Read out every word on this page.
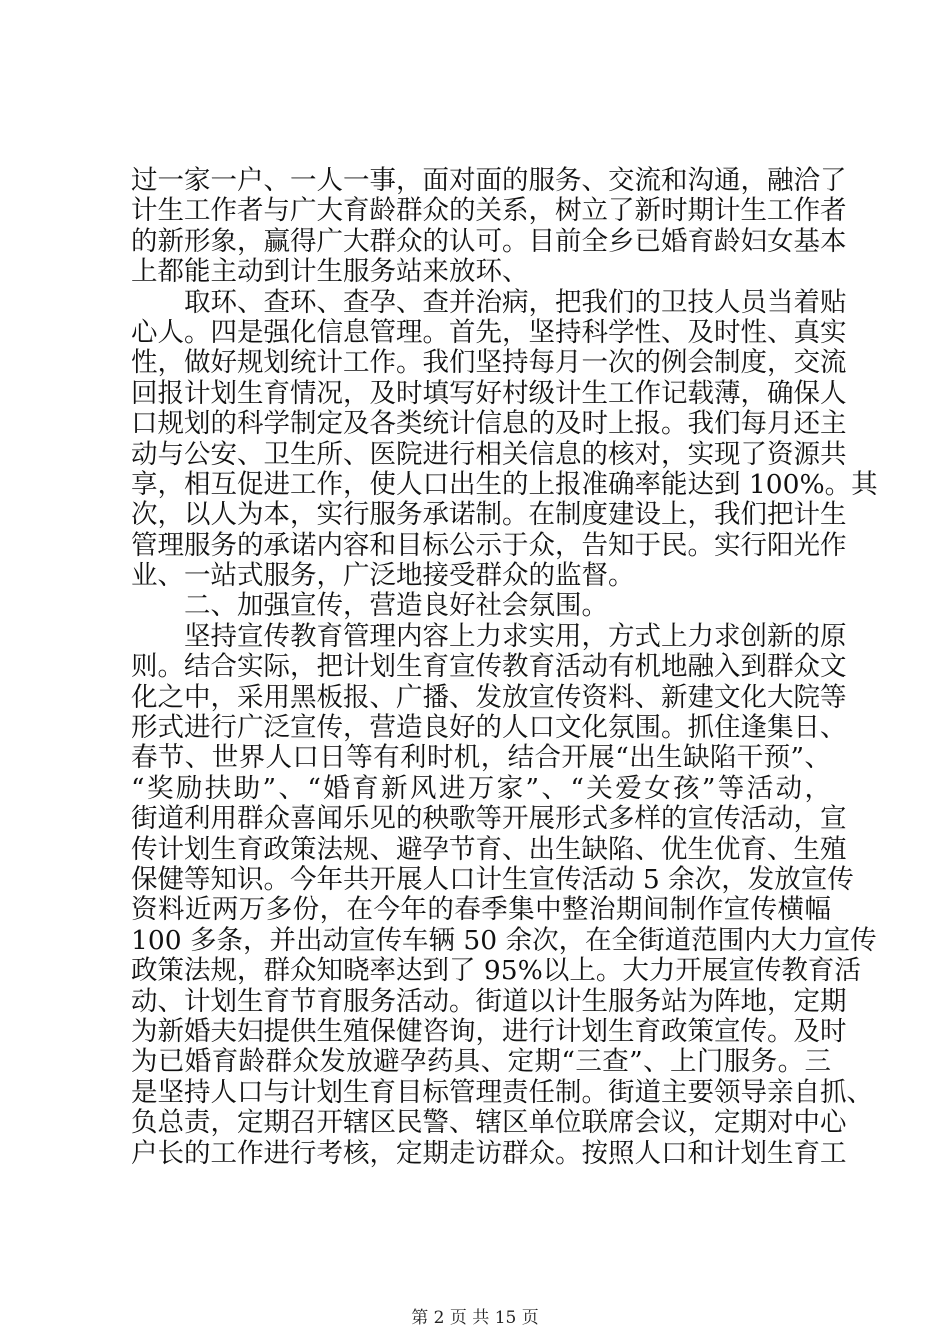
过一家一户、一人一事，面对面的服务、交流和沟通，融洽了
计生工作者与广大育龄群众的关系，树立了新时期计生工作者
的新形象，赢得广大群众的认可。目前全乡已婚育龄妇女基本
上都能主动到计生服务站来放环、
　　取环、查环、查孕、查并治病，把我们的卫技人员当着贴
心人。四是强化信息管理。首先，坚持科学性、及时性、真实
性，做好规划统计工作。我们坚持每月一次的例会制度，交流
回报计划生育情况，及时填写好村级计生工作记载薄，确保人
口规划的科学制定及各类统计信息的及时上报。我们每月还主
动与公安、卫生所、医院进行相关信息的核对，实现了资源共
享，相互促进工作，使人口出生的上报准确率能达到 100%。其
次，以人为本，实行服务承诺制。在制度建设上，我们把计生
管理服务的承诺内容和目标公示于众，告知于民。实行阳光作
业、一站式服务，广泛地接受群众的监督。
　　二、加强宣传，营造良好社会氛围。
　　坚持宣传教育管理内容上力求实用，方式上力求创新的原
则。结合实际，把计划生育宣传教育活动有机地融入到群众文
化之中，采用黑板报、广播、发放宣传资料、新建文化大院等
形式进行广泛宣传，营造良好的人口文化氛围。抓住逢集日、
春节、世界人口日等有利时机，结合开展“出生缺陷干预”、
“奖励扶助”、“婚育新风进万家”、“关爱女孩”等活动，
街道利用群众喜闻乐见的秧歌等开展形式多样的宣传活动，宣
传计划生育政策法规、避孕节育、出生缺陷、优生优育、生殖
保健等知识。今年共开展人口计生宣传活动 5 余次，发放宣传
资料近两万多份，在今年的春季集中整治期间制作宣传横幅
100 多条，并出动宣传车辆 50 余次，在全街道范围内大力宣传
政策法规，群众知晓率达到了 95%以上。大力开展宣传教育活
动、计划生育节育服务活动。街道以计生服务站为阵地，定期
为新婚夫妇提供生殖保健咨询，进行计划生育政策宣传。及时
为已婚育龄群众发放避孕药具、定期“三查”、上门服务。三
是坚持人口与计划生育目标管理责任制。街道主要领导亲自抓、
负总责，定期召开辖区民警、辖区单位联席会议，定期对中心
户长的工作进行考核，定期走访群众。按照人口和计划生育工
第 2 页 共 15 页
